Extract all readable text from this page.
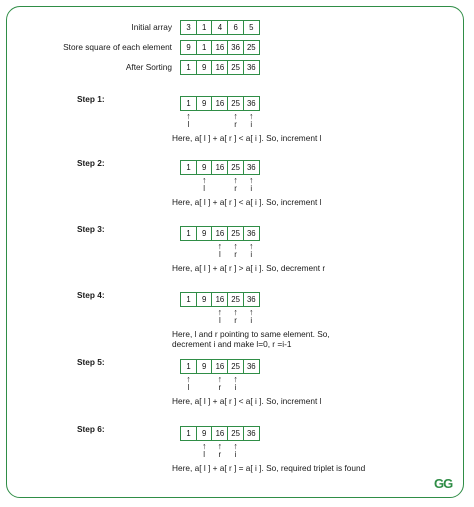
Initial array	3	1	4	6	5
Store square of each element	9	1	16 36 25
After Sorting	1	9	16 25 36
Step 1:	1	9	16 25 36
↑
l
↑
r
↑
i
Here, a[ l ] + a[ r ] < a[ i ]. So, increment l
Step 2:	1	9	16 25 36
↑
l
↑
r
↑
i
Here, a[ l ] + a[ r ] < a[ i ]. So, increment l
Step 3:	1	9	16 25 36
↑
l
↑
r
↑
i
Here, a[ l ] + a[ r ] > a[ i ]. So, decrement r
Step 4:	1	9	16 25 36
↑
l
↑
r
↑
i
Here, l and r pointing to same element. So,
decrement i and make l=0, r =i-1
Step 5:	1	9	16 25 36
↑
l
↑
r
↑
i
Here, a[ l ] + a[ r ] < a[ i ]. So, increment l
Step 6:	1	9	16 25 36
↑
l
↑
r
↑
i
Here, a[ l ] + a[ r ] = a[ i ]. So, required triplet is found
GG
